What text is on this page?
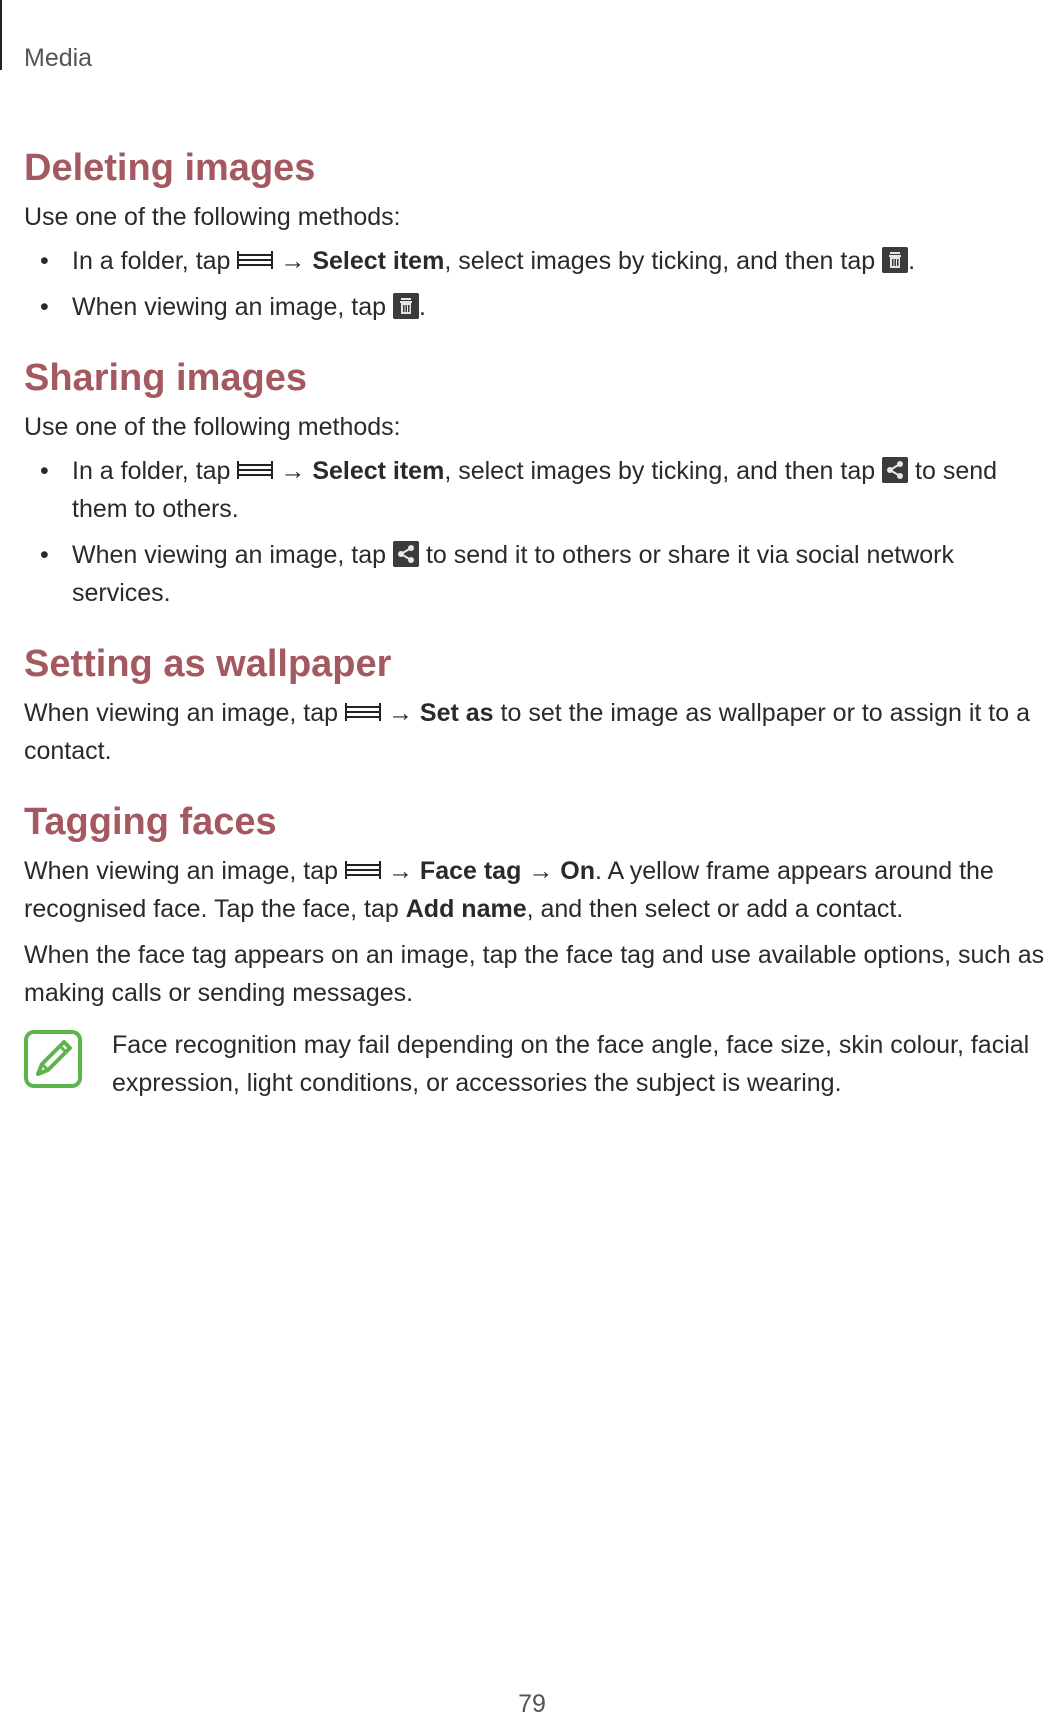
Media
Deleting images

Use one of the following methods:

• In a folder, tap → Select item, select images by ticking, and then tap .
• When viewing an image, tap .
Sharing images

Use one of the following methods:

• In a folder, tap → Select item, select images by ticking, and then tap to send them to others.
• When viewing an image, tap to send it to others or share it via social network services.
Setting as wallpaper

When viewing an image, tap → Set as to set the image as wallpaper or to assign it to a contact.

Tagging faces

When viewing an image, tap → Face tag → On. A yellow frame appears around the recognised face. Tap the face, tap Add name, and then select or add a contact.

When the face tag appears on an image, tap the face tag and use available options, such as making calls or sending messages.

Face recognition may fail depending on the face angle, face size, skin colour, facial expression, light conditions, or accessories the subject is wearing.

79
